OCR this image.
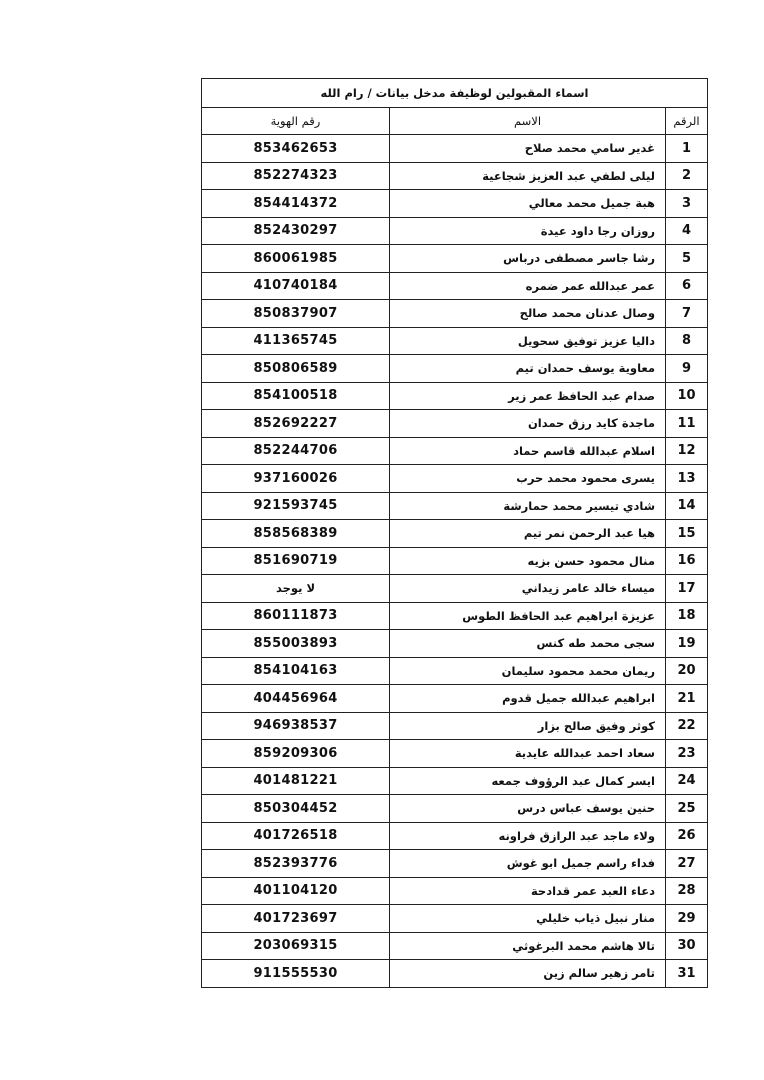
اسماء المقبولين لوظيفة مدخل بيانات / رام الله		
الرقم	الاسم	رقم الهوية
1	غدير سامي محمد صلاح	853462653
2	ليلى لطفي عبد العزيز شجاعية	852274323
3	هبة جميل محمد معالي	854414372
4	روزان رجا داود عيدة	852430297
5	رشا جاسر مصطفى درباس	860061985
6	عمر عبدالله عمر ضمره	410740184
7	وصال عدنان محمد صالح	850837907
8	داليا عزيز توفيق سحويل	411365745
9	معاوية يوسف حمدان تيم	850806589
10	صدام عبد الحافظ عمر زير	854100518
11	ماجدة كايد رزق حمدان	852692227
12	اسلام عبدالله قاسم حماد	852244706
13	يسرى محمود محمد حرب	937160026
14	شادي تيسير محمد حمارشة	921593745
15	هيا عبد الرحمن نمر تيم	858568389
16	منال محمود حسن بزيه	851690719
17	ميساء خالد عامر زيداني	لا يوجد
18	عزيزة ابراهيم عبد الحافظ الطوس	860111873
19	سجى محمد طه كنس	855003893
20	ريمان محمد محمود سليمان	854104163
21	ابراهيم عبدالله جميل قدوم	404456964
22	كوثر وفيق صالح بزار	946938537
23	سعاد احمد عبدالله عايدية	859209306
24	ايسر كمال عبد الرؤوف جمعه	401481221
25	حنين يوسف عباس درس	850304452
26	ولاء ماجد عبد الرازق فراونه	401726518
27	فداء راسم جميل ابو غوش	852393776
28	دعاء العبد عمر قدادحة	401104120
29	منار نبيل ذياب خليلي	401723697
30	تالا هاشم محمد البرغوثي	203069315
31	تامر زهير سالم زين	911555530
